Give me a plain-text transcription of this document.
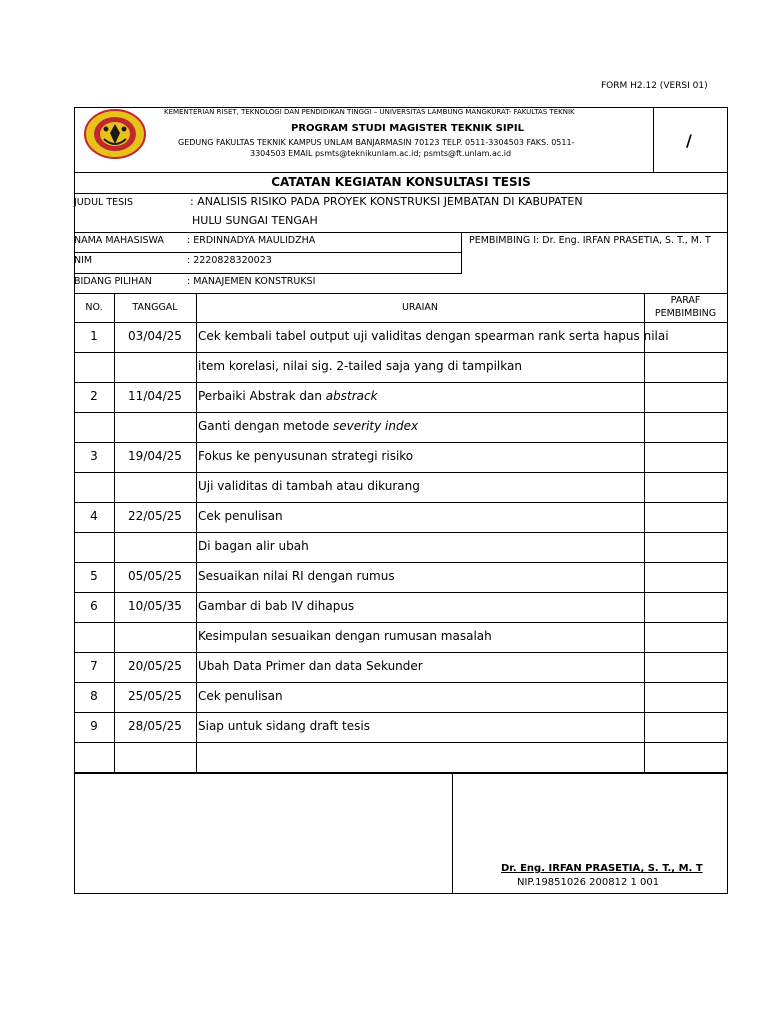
FORM H2.12 (VERSI 01)
KEMENTERIAN RISET, TEKNOLOGI DAN PENDIDIKAN TINGGI – UNIVERSITAS LAMBUNG MANGKURAT- FAKULTAS TEKNIK
PROGRAM STUDI MAGISTER TEKNIK SIPIL
GEDUNG FAKULTAS TEKNIK KAMPUS UNLAM BANJARMASIN 70123 TELP. 0511-3304503 FAKS. 0511-
3304503 EMAIL psmts@teknikunlam.ac.id; psmts@ft.unlam.ac.id
/
CATATAN KEGIATAN KONSULTASI TESIS
JUDUL TESIS	: ANALISIS RISIKO PADA PROYEK KONSTRUKSI JEMBATAN DI KABUPATEN
HULU SUNGAI TENGAH
NAMA MAHASISWA : ERDINNADYA MAULIDZHA	PEMBIMBING I: Dr. Eng. IRFAN PRASETIA, S. T., M. T
NIM	: 2220828320023
BIDANG PILIHAN	: MANAJEMEN KONSTRUKSI
NO.	TANGGAL	URAIAN
PARAF
PEMBIMBING
1	03/04/25	Cek kembali tabel output uji validitas dengan spearman rank serta hapus nilai
item korelasi, nilai sig. 2-tailed saja yang di tampilkan
2	11/04/25	Perbaiki Abstrak dan abstrack
Ganti dengan metode severity index
3	19/04/25	Fokus ke penyusunan strategi risiko
Uji validitas di tambah atau dikurang
4	22/05/25	Cek penulisan
Di bagan alir ubah
5	05/05/25	Sesuaikan nilai RI dengan rumus
6	10/05/35	Gambar di bab IV dihapus
Kesimpulan sesuaikan dengan rumusan masalah
7	20/05/25	Ubah Data Primer dan data Sekunder
8	25/05/25	Cek penulisan
9	28/05/25	Siap untuk sidang draft tesis
Dr. Eng. IRFAN PRASETIA, S. T., M. T
NIP.19851026 200812 1 001
